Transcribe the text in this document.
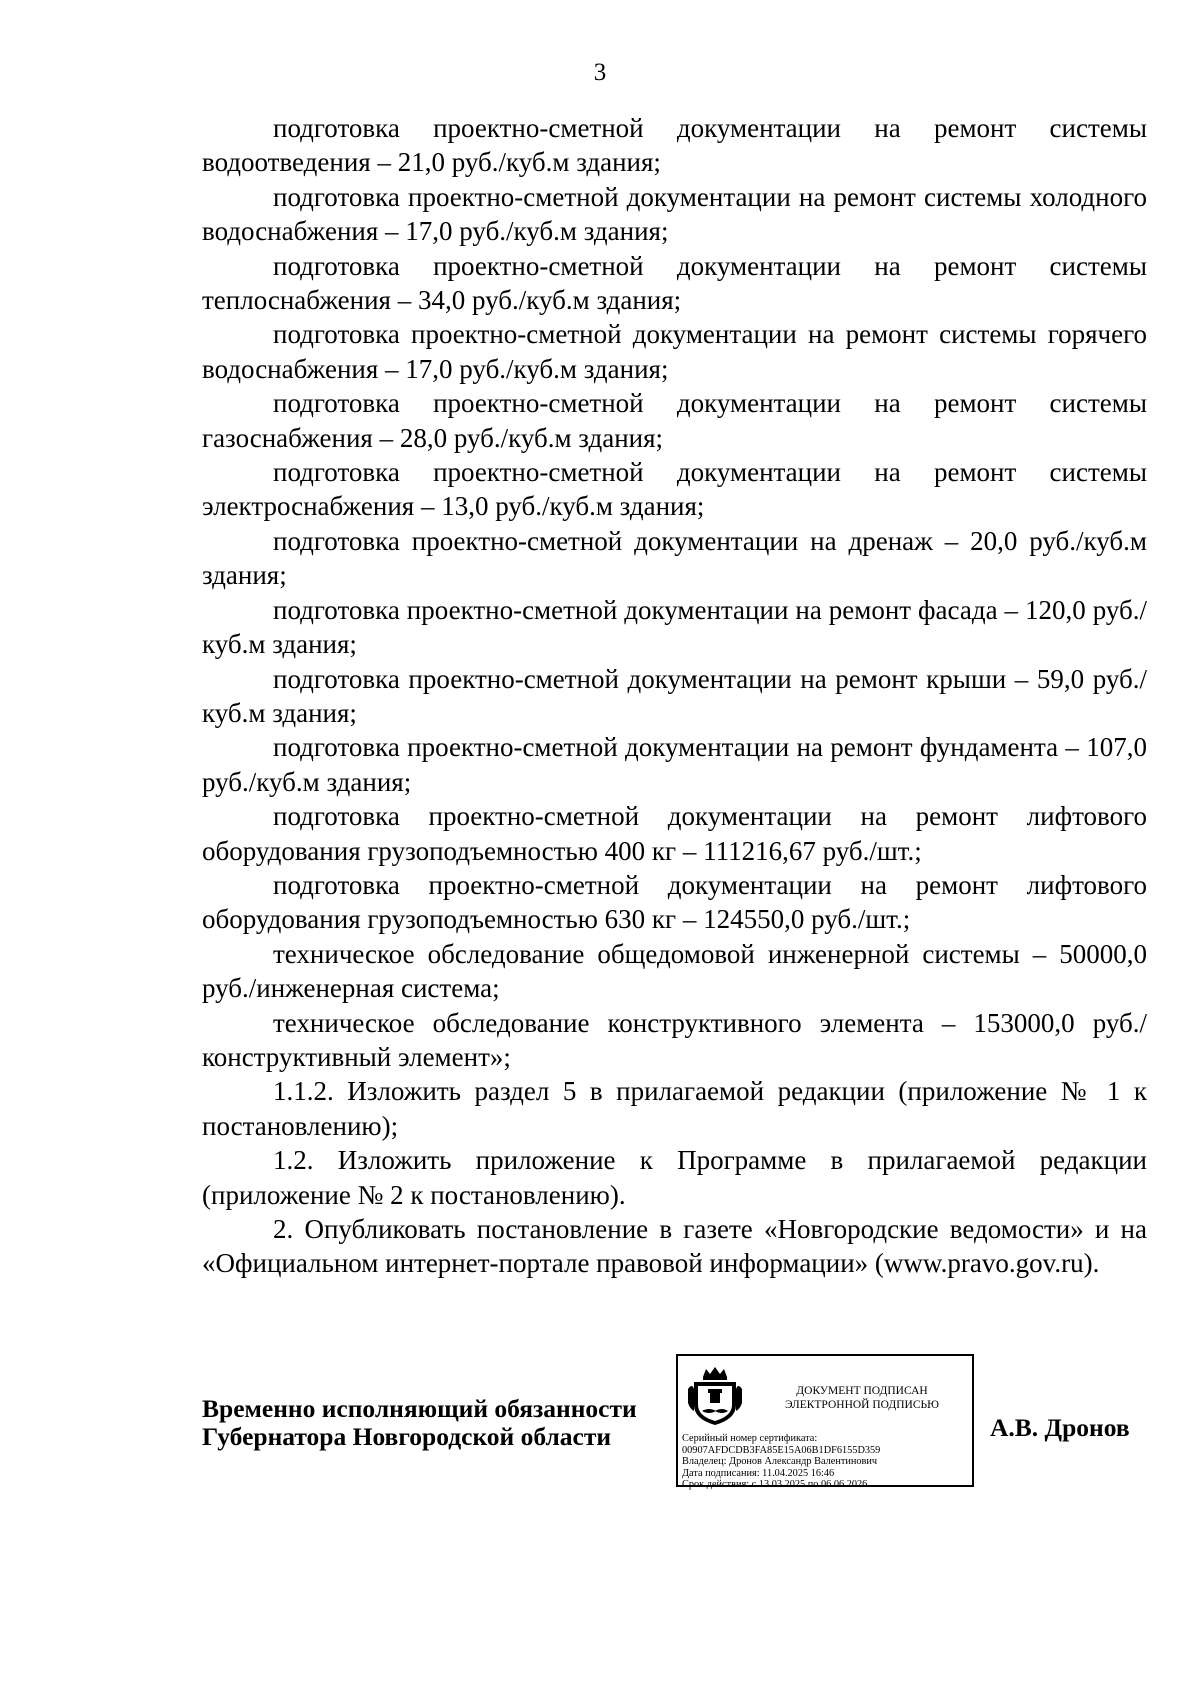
3

подготовка проектно-сметной документации на ремонт системы водоотведения – 21,0 руб./куб.м здания;

подготовка проектно-сметной документации на ремонт системы холодного водоснабжения – 17,0 руб./куб.м здания;

подготовка проектно-сметной документации на ремонт системы теплоснабжения – 34,0 руб./куб.м здания;

подготовка проектно-сметной документации на ремонт системы горячего водоснабжения – 17,0 руб./куб.м здания;

подготовка проектно-сметной документации на ремонт системы газоснабжения – 28,0 руб./куб.м здания;

подготовка проектно-сметной документации на ремонт системы электроснабжения – 13,0 руб./куб.м здания;

подготовка проектно-сметной документации на дренаж – 20,0 руб./куб.м здания;

подготовка проектно-сметной документации на ремонт фасада – 120,0 руб./куб.м здания;

подготовка проектно-сметной документации на ремонт крыши – 59,0 руб./куб.м здания;

подготовка проектно-сметной документации на ремонт фундамента – 107,0 руб./куб.м здания;

подготовка проектно-сметной документации на ремонт лифтового оборудования грузоподъемностью 400 кг – 111216,67 руб./шт.;

подготовка проектно-сметной документации на ремонт лифтового оборудования грузоподъемностью 630 кг – 124550,0 руб./шт.;

техническое обследование общедомовой инженерной системы – 50000,0 руб./инженерная система;

техническое обследование конструктивного элемента – 153000,0 руб./ конструктивный элемент»;

1.1.2. Изложить раздел 5 в прилагаемой редакции (приложение № 1 к постановлению);

1.2. Изложить приложение к Программе в прилагаемой редакции (приложение № 2 к постановлению).

2. Опубликовать постановление в газете «Новгородские ведомости» и на «Официальном интернет-портале правовой информации» (www.pravo.gov.ru).

Временно исполняющий обязанности
Губернатора Новгородской области
ДОКУМЕНТ ПОДПИСАН
ЭЛЕКТРОННОЙ ПОДПИСЬЮ
Серийный номер сертификата:
00907AFDCDB3FA85E15A06B1DF6155D359
Владелец: Дронов Александр Валентинович
Дата подписания: 11.04.2025 16:46
Срок действия: с 13.03.2025 по 06.06.2026
А.В. Дронов
